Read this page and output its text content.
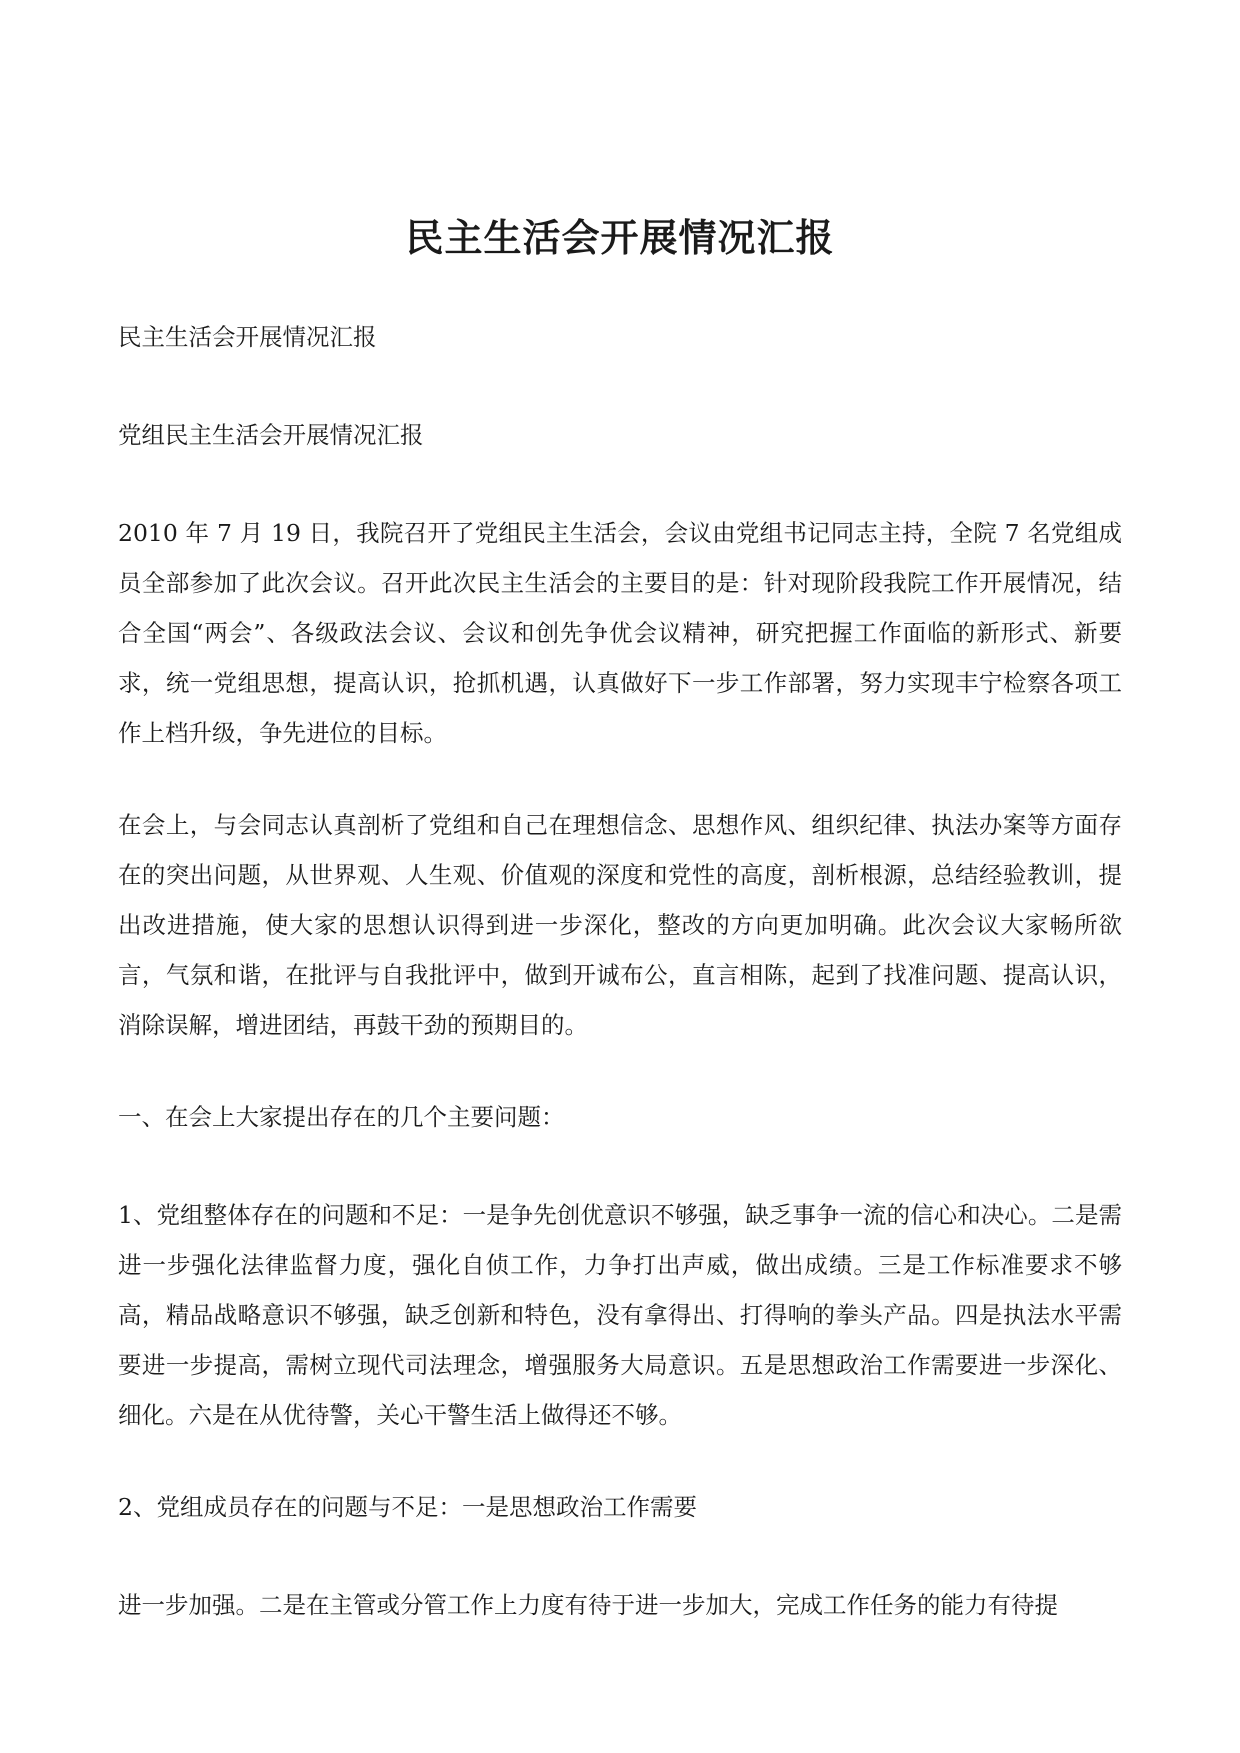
民主生活会开展情况汇报

民主生活会开展情况汇报

党组民主生活会开展情况汇报

2010 年 7 月 19 日，我院召开了党组民主生活会，会议由党组书记同志主持，全院 7 名党组成员全部参加了此次会议。召开此次民主生活会的主要目的是：针对现阶段我院工作开展情况，结合全国“两会”、各级政法会议、会议和创先争优会议精神，研究把握工作面临的新形式、新要求，统一党组思想，提高认识，抢抓机遇，认真做好下一步工作部署，努力实现丰宁检察各项工作上档升级，争先进位的目标。

在会上，与会同志认真剖析了党组和自己在理想信念、思想作风、组织纪律、执法办案等方面存在的突出问题，从世界观、人生观、价值观的深度和党性的高度，剖析根源，总结经验教训，提出改进措施，使大家的思想认识得到进一步深化，整改的方向更加明确。此次会议大家畅所欲言，气氛和谐，在批评与自我批评中，做到开诚布公，直言相陈，起到了找准问题、提高认识，消除误解，增进团结，再鼓干劲的预期目的。

一、在会上大家提出存在的几个主要问题：

1、党组整体存在的问题和不足：一是争先创优意识不够强，缺乏事争一流的信心和决心。二是需进一步强化法律监督力度，强化自侦工作，力争打出声威，做出成绩。三是工作标准要求不够高，精品战略意识不够强，缺乏创新和特色，没有拿得出、打得响的拳头产品。四是执法水平需要进一步提高，需树立现代司法理念，增强服务大局意识。五是思想政治工作需要进一步深化、细化。六是在从优待警，关心干警生活上做得还不够。

2、党组成员存在的问题与不足：一是思想政治工作需要

进一步加强。二是在主管或分管工作上力度有待于进一步加大，完成工作任务的能力有待提
